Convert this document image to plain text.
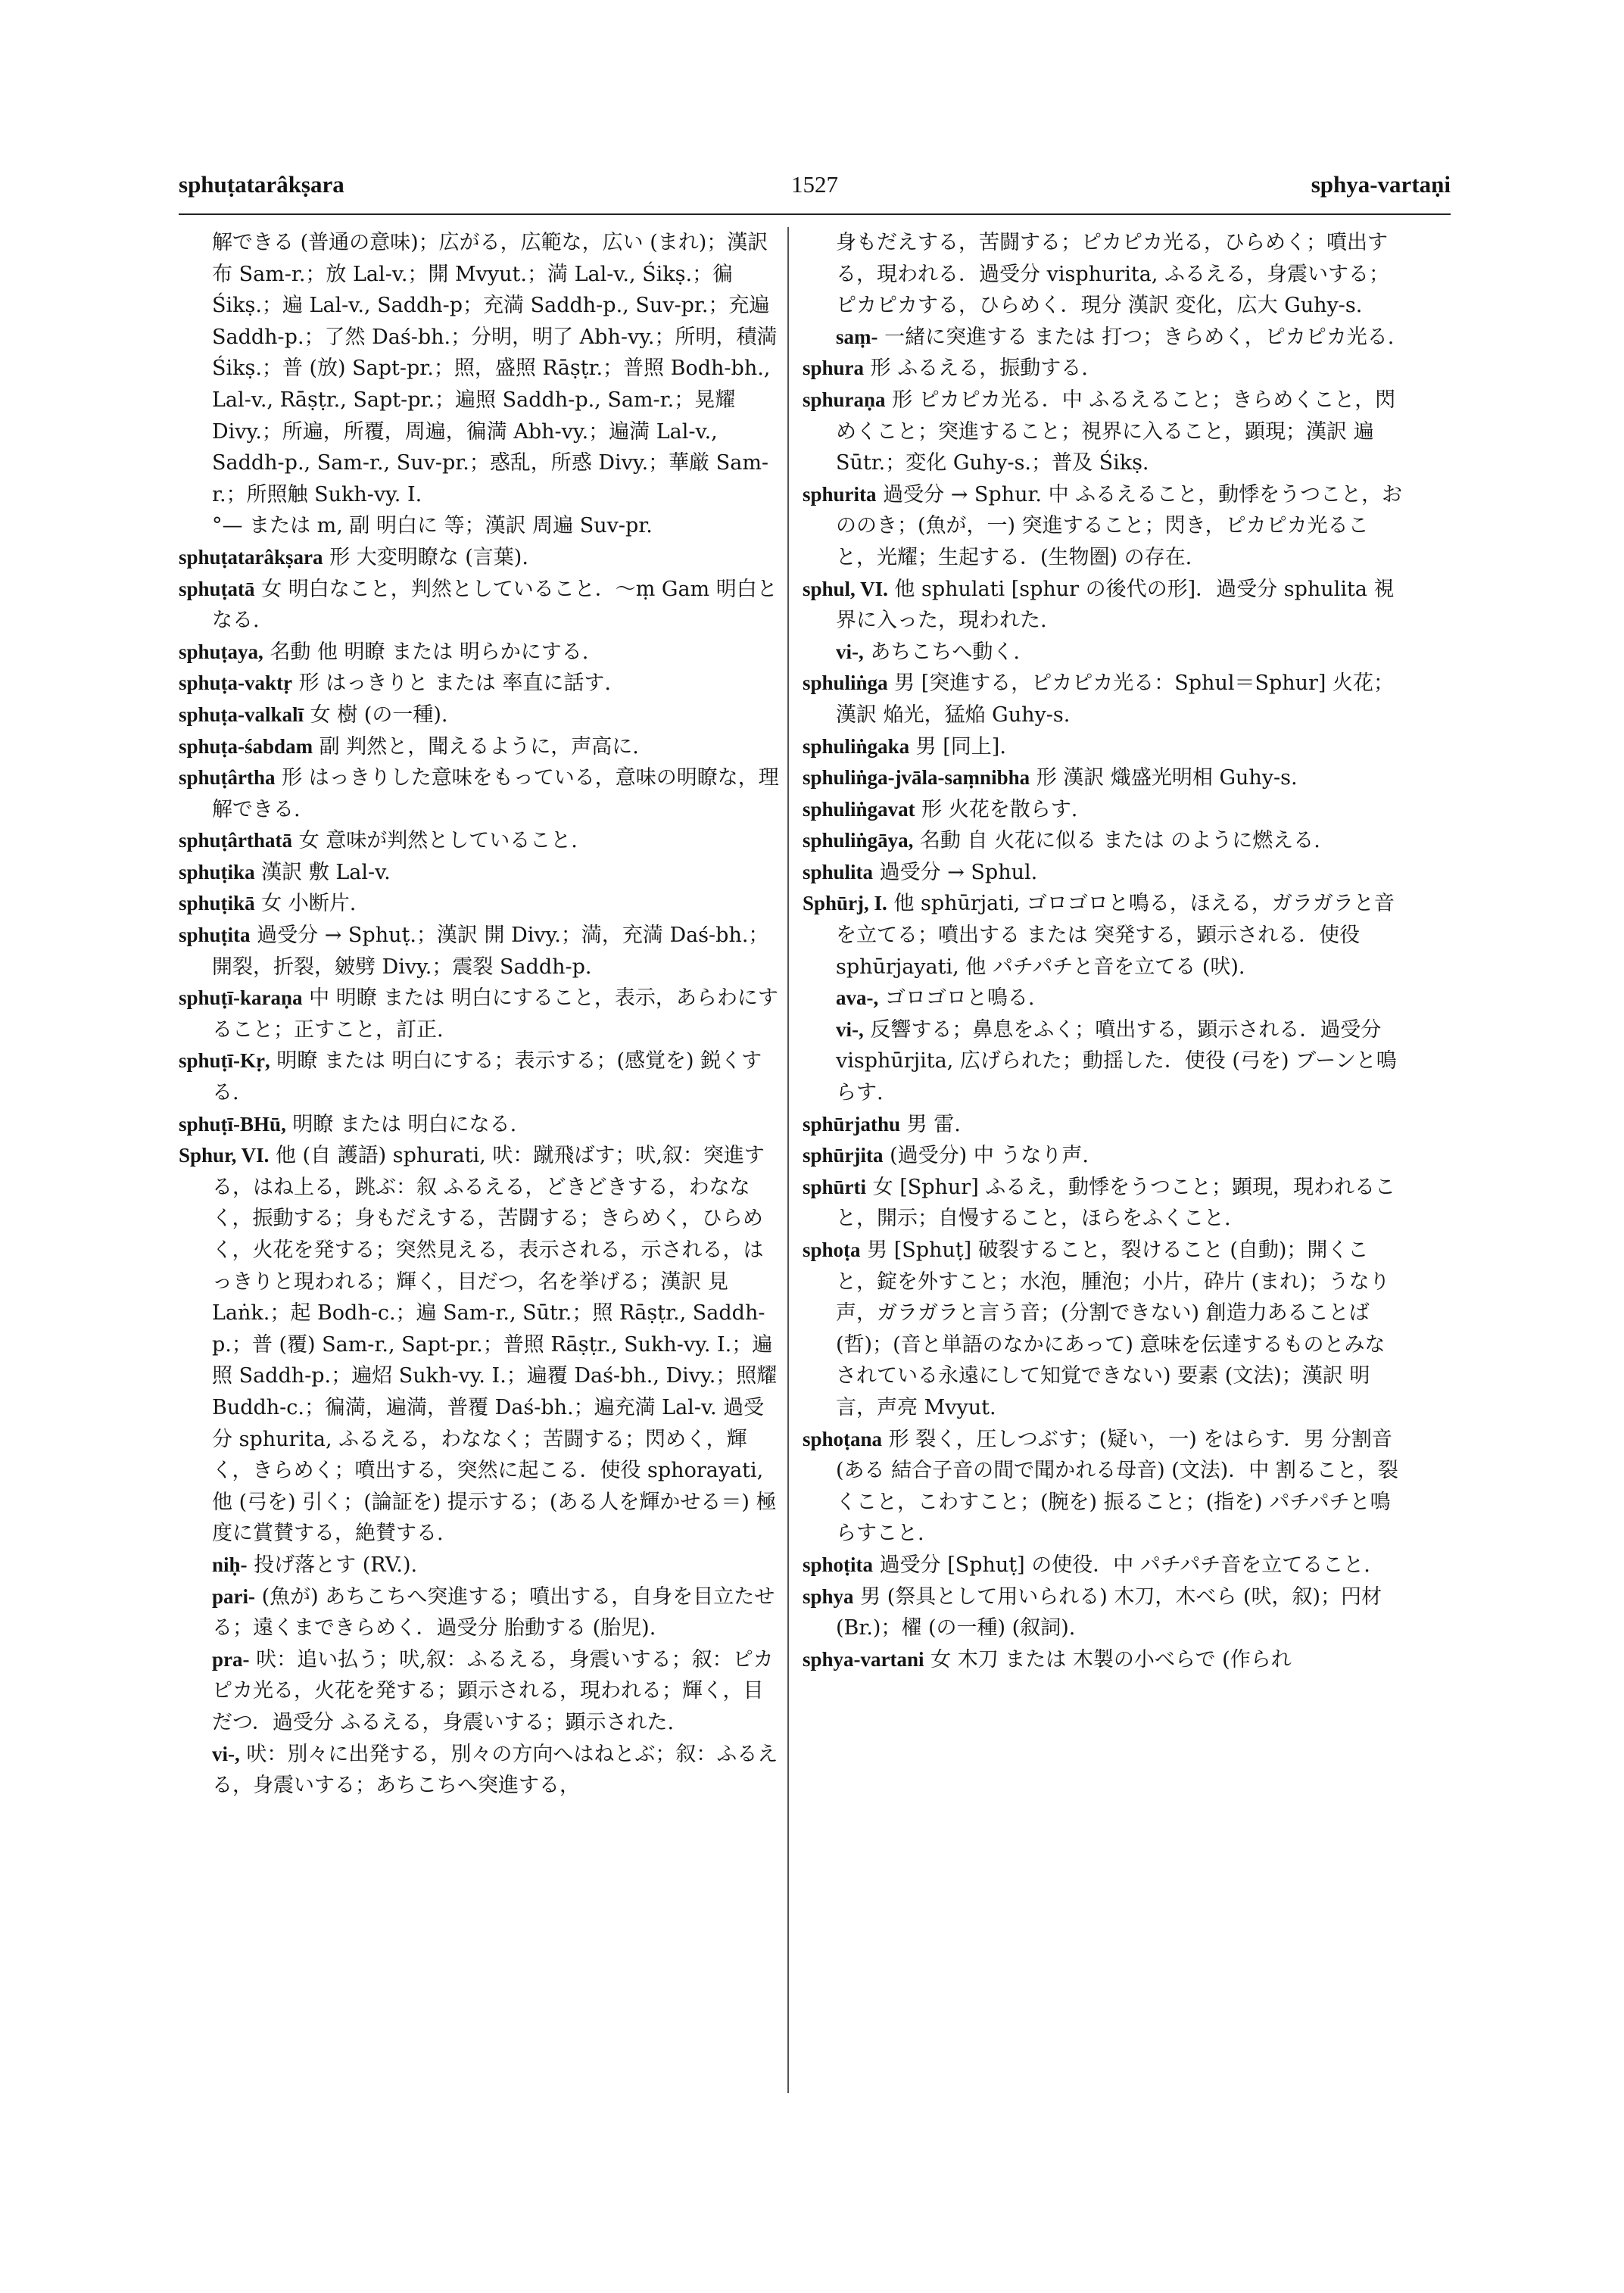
sphuṭatarâkṣara	1527	sphya-vartaṇi

解できる (普通の意味)；広がる，広範な，広い (まれ)；漢訳 布 Sam-r.；放 Lal-v.；開 Mvyut.；満 Lal-v., Śikṣ.；徧 Śikṣ.；遍 Lal-v., Saddh-p；充満 Saddh-p., Suv-pr.；充遍 Saddh-p.；了然 Daś-bh.；分明，明了 Abh-vy.；所明，積満 Śikṣ.；普 (放) Sapt-pr.；照，盛照 Rāṣṭr.；普照 Bodh-bh., Lal-v., Rāṣṭr., Sapt-pr.；遍照 Saddh-p., Sam-r.；晃耀 Divy.；所遍，所覆，周遍，徧満 Abh-vy.；遍満 Lal-v., Saddh-p., Sam-r., Suv-pr.；惑乱，所惑 Divy.；華厳 Sam-r.；所照触 Sukh-vy. I.

°— または m, 副 明白に 等；漢訳 周遍 Suv-pr.

sphuṭatarâkṣara 形 大変明瞭な (言葉).

sphuṭatā 女 明白なこと，判然としていること．～ṃ Gam 明白となる.

sphuṭaya, 名動 他 明瞭 または 明らかにする.

sphuṭa-vaktṛ 形 はっきりと または 率直に話す.

sphuṭa-valkalī 女 樹 (の一種).

sphuṭa-śabdam 副 判然と，聞えるように，声高に.

sphuṭârtha 形 はっきりした意味をもっている，意味の明瞭な，理解できる.

sphuṭârthatā 女 意味が判然としていること.

sphuṭika 漢訳 敷 Lal-v.

sphuṭikā 女 小断片.

sphuṭita 過受分 → Sphuṭ.；漢訳 開 Divy.；満，充満 Daś-bh.；開裂，折裂，皴劈 Divy.；震裂 Saddh-p.

sphuṭī-karaṇa 中 明瞭 または 明白にすること，表示，あらわにすること；正すこと，訂正.

sphuṭī-Kṛ, 明瞭 または 明白にする；表示する；(感覚を) 鋭くする.

sphuṭī-BHū, 明瞭 または 明白になる.

Sphur, VI. 他 (自 護語) sphurati, 吠：蹴飛ばす；吠,叙：突進する，はね上る，跳ぶ：叙 ふるえる，どきどきする，わななく，振動する；身もだえする，苦闘する；きらめく，ひらめく，火花を発する；突然見える，表示される，示される，はっきりと現われる；輝く，目だつ，名を挙げる；漢訳 見 Laṅk.；起 Bodh-c.；遍 Sam-r., Sūtr.；照 Rāṣṭr., Saddh-p.；普 (覆) Sam-r., Sapt-pr.；普照 Rāṣṭr., Sukh-vy. I.；遍照 Saddh-p.；遍炤 Sukh-vy. I.；遍覆 Daś-bh., Divy.；照耀 Buddh-c.；徧満，遍満，普覆 Daś-bh.；遍充満 Lal-v. 過受分 sphurita, ふるえる，わななく；苦闘する；閃めく，輝く，きらめく；噴出する，突然に起こる．使役 sphorayati, 他 (弓を) 引く；(論証を) 提示する；(ある人を輝かせる＝) 極度に賞賛する，絶賛する.

niḥ- 投げ落とす (RV.).

pari- (魚が) あちこちへ突進する；噴出する，自身を目立たせる；遠くまできらめく．過受分 胎動する (胎児).

pra- 吠：追い払う；吠,叙：ふるえる，身震いする；叙：ピカピカ光る，火花を発する；顕示される，現われる；輝く，目だつ．過受分 ふるえる，身震いする；顕示された.

vi-, 吠：別々に出発する，別々の方向へはねとぶ；叙：ふるえる，身震いする；あちこちへ突進する，

身もだえする，苦闘する；ピカピカ光る，ひらめく；噴出する，現われる．過受分 visphurita, ふるえる，身震いする；ピカピカする，ひらめく．現分 漢訳 変化，広大 Guhy-s.

saṃ- 一緒に突進する または 打つ；きらめく，ピカピカ光る.

sphura 形 ふるえる，振動する.

sphuraṇa 形 ピカピカ光る．中 ふるえること；きらめくこと，閃めくこと；突進すること；視界に入ること，顕現；漢訳 遍 Sūtr.；変化 Guhy-s.；普及 Śikṣ.

sphurita 過受分 → Sphur. 中 ふるえること，動悸をうつこと，おののき；(魚が，一) 突進すること；閃き，ピカピカ光ること，光耀；生起する．(生物圏) の存在.

sphul, VI. 他 sphulati [sphur の後代の形]．過受分 sphulita 視界に入った，現われた.

vi-, あちこちへ動く.

sphuliṅga 男 [突進する，ピカピカ光る：Sphul＝Sphur] 火花；漢訳 焔光，猛焔 Guhy-s.

sphuliṅgaka 男 [同上].

sphuliṅga-jvāla-saṃnibha 形 漢訳 熾盛光明相 Guhy-s.

sphuliṅgavat 形 火花を散らす.

sphuliṅgāya, 名動 自 火花に似る または のように燃える.

sphulita 過受分 → Sphul.

Sphūrj, I. 他 sphūrjati, ゴロゴロと鳴る，ほえる，ガラガラと音を立てる；噴出する または 突発する，顕示される．使役 sphūrjayati, 他 パチパチと音を立てる (吠).

ava-, ゴロゴロと鳴る.

vi-, 反響する；鼻息をふく；噴出する，顕示される．過受分 visphūrjita, 広げられた；動揺した．使役 (弓を) ブーンと鳴らす.

sphūrjathu 男 雷.

sphūrjita (過受分) 中 うなり声.

sphūrti 女 [Sphur] ふるえ，動悸をうつこと；顕現，現われること，開示；自慢すること，ほらをふくこと.

sphoṭa 男 [Sphuṭ] 破裂すること，裂けること (自動)；開くこと，錠を外すこと；水泡，腫泡；小片，砕片 (まれ)；うなり声，ガラガラと言う音；(分割できない) 創造力あることば (哲)；(音と単語のなかにあって) 意味を伝達するものとみなされている永遠にして知覚できない) 要素 (文法)；漢訳 明言，声亮 Mvyut.

sphoṭana 形 裂く，圧しつぶす；(疑い，一) をはらす．男 分割音 (ある 結合子音の間で聞かれる母音) (文法)．中 割ること，裂くこと，こわすこと；(腕を) 振ること；(指を) パチパチと鳴らすこと.

sphoṭita 過受分 [Sphuṭ] の使役．中 パチパチ音を立てること.

sphya 男 (祭具として用いられる) 木刀，木べら (吠，叙)；円材 (Br.)；櫂 (の一種) (叙詞).

sphya-vartani 女 木刀 または 木製の小べらで (作られ
